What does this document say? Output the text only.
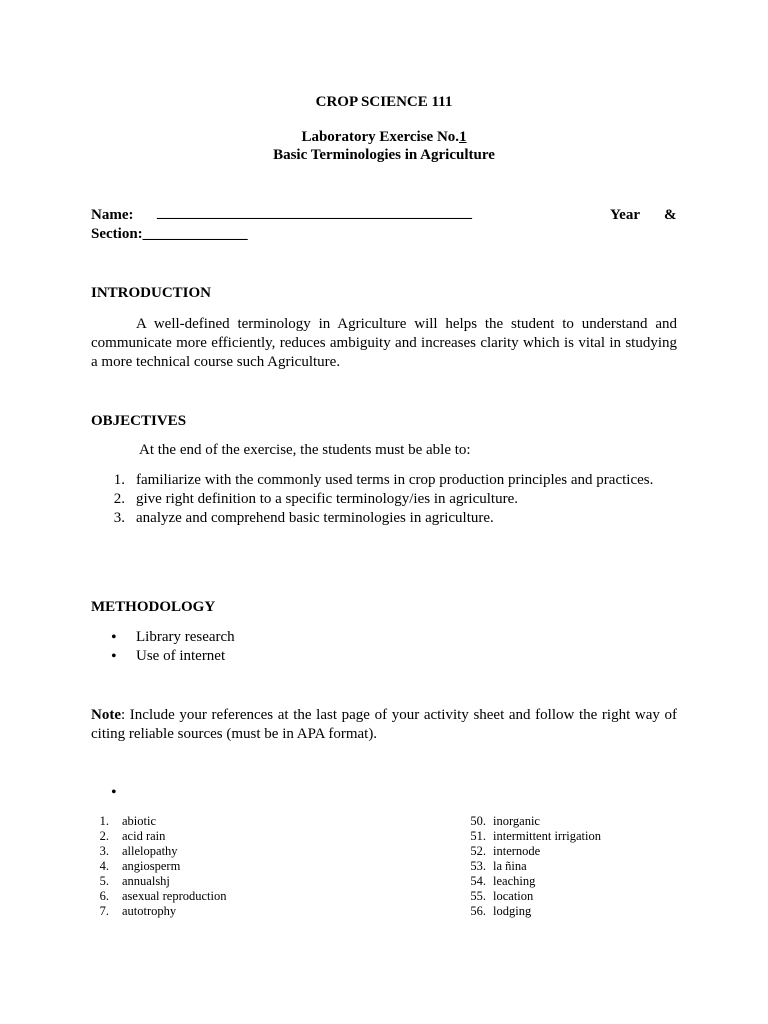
CROP SCIENCE 111
Laboratory Exercise No.1
Basic Terminologies in Agriculture
Name: __________________________________________	Year &
Section:______________
INTRODUCTION
A well-defined terminology in Agriculture will helps the student to understand and communicate more efficiently, reduces ambiguity and increases clarity which is vital in studying a more technical course such Agriculture.
OBJECTIVES
At the end of the exercise, the students must be able to:
1. familiarize with the commonly used terms in crop production principles and practices.
2. give right definition to a specific terminology/ies in agriculture.
3. analyze and comprehend basic terminologies in agriculture.
METHODOLOGY
• Library research
• Use of internet
Note: Include your references at the last page of your activity sheet and follow the right way of citing reliable sources (must be in APA format).
•
1. abiotic
2. acid rain
3. allelopathy
4. angiosperm
5. annualshj
6. asexual reproduction
7. autotrophy
50. inorganic
51. intermittent irrigation
52. internode
53. la ñina
54. leaching
55. location
56. lodging
